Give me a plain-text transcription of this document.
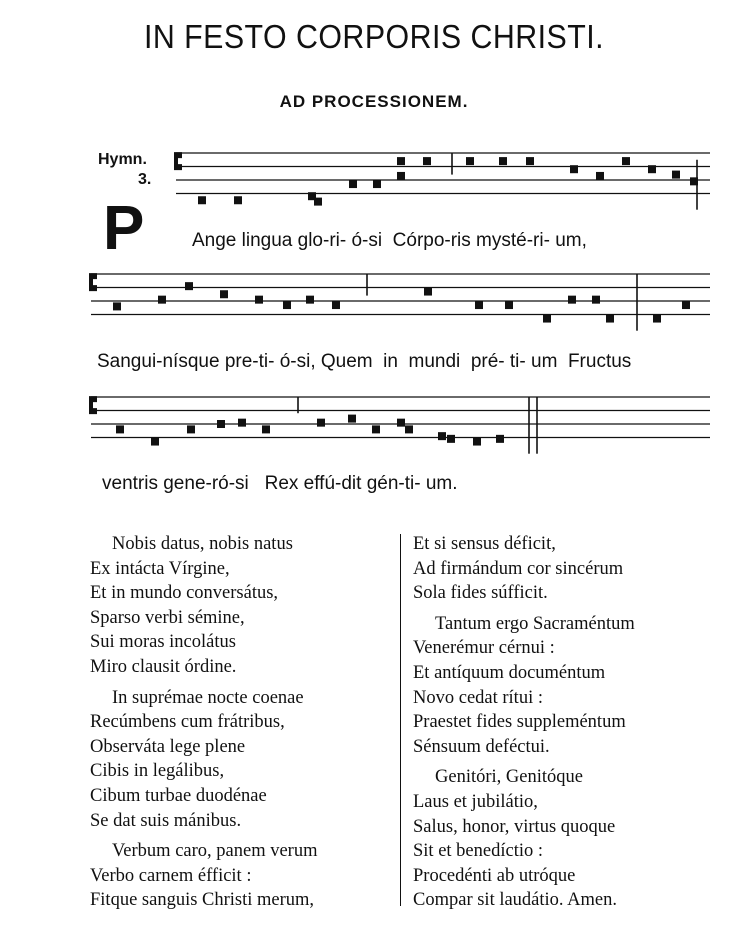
IN FESTO CORPORIS CHRISTI.
AD PROCESSIONEM.
Hymn.
3.
P	Ange lingua glo-ri- ó-si  Córpo-ris mysté-ri- um,
Sangui-nísque pre-ti- ó-si, Quem  in  mundi  pré- ti- um  Fructus
ventris gene-ró-si   Rex effú-dit gén-ti- um.
Nobis datus, nobis natus
Ex intácta Vírgine,
Et in mundo conversátus,
Sparso verbi sémine,
Sui moras incolátus
Miro clausit órdine.
In suprémae nocte coenae
Recúmbens cum frátribus,
Observáta lege plene
Cibis in legálibus,
Cibum turbae duodénae
Se dat suis mánibus.
Verbum caro, panem verum
Verbo carnem éfficit :
Fitque sanguis Christi merum,
Et si sensus déficit,
Ad firmándum cor sincérum
Sola fides súfficit.
Tantum ergo Sacraméntum
Venerémur cérnui :
Et antíquum documéntum
Novo cedat rítui :
Praestet fides suppleméntum
Sénsuum deféctui.
Genitóri, Genitóque
Laus et jubilátio,
Salus, honor, virtus quoque
Sit et benedíctio :
Procedénti ab utróque
Compar sit laudátio. Amen.
